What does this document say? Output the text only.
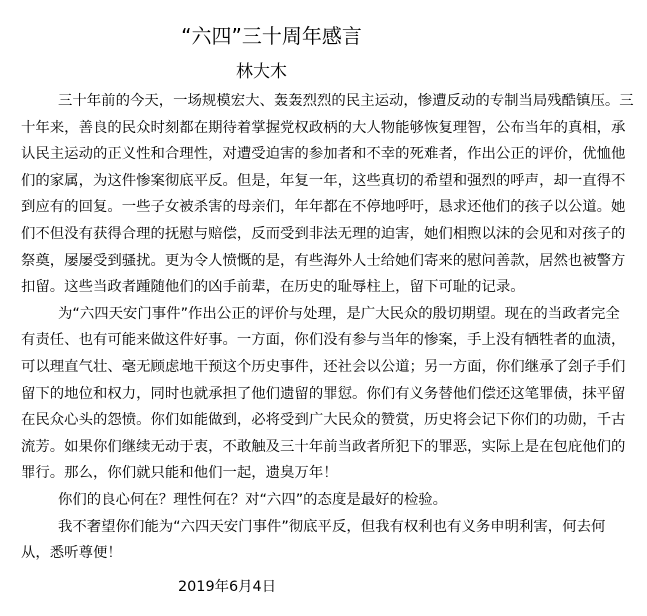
“六四”三十周年感言
林大木
三十年前的今天，一场规模宏大、轰轰烈烈的民主运动，惨遭反动的专制当局残酷镇压。三
十年来，善良的民众时刻都在期待着掌握党权政柄的大人物能够恢复理智，公布当年的真相，承
认民主运动的正义性和合理性，对遭受迫害的参加者和不幸的死难者，作出公正的评价，优恤他
们的家属，为这件惨案彻底平反。但是，年复一年，这些真切的希望和强烈的呼声，却一直得不
到应有的回复。一些子女被杀害的母亲们，年年都在不停地呼吁，恳求还他们的孩子以公道。她
们不但没有获得合理的抚慰与赔偿，反而受到非法无理的迫害，她们相煦以沫的会见和对孩子的
祭奠，屡屡受到骚扰。更为令人愤慨的是，有些海外人士给她们寄来的慰问善款，居然也被警方
扣留。这些当政者踵随他们的凶手前辈，在历史的耻辱柱上，留下可耻的记录。
为“六四天安门事件”作出公正的评价与处理，是广大民众的殷切期望。现在的当政者完全
有责任、也有可能来做这件好事。一方面，你们没有参与当年的惨案，手上没有牺牲者的血渍，
可以理直气壮、毫无顾虑地干预这个历史事件，还社会以公道；另一方面，你们继承了刽子手们
留下的地位和权力，同时也就承担了他们遗留的罪愆。你们有义务替他们偿还这笔罪债，抹平留
在民众心头的怨愤。你们如能做到，必将受到广大民众的赞赏，历史将会记下你们的功勋，千古
流芳。如果你们继续无动于衷，不敢触及三十年前当政者所犯下的罪恶，实际上是在包庇他们的
罪行。那么，你们就只能和他们一起，遗臭万年！
你们的良心何在？理性何在？对“六四”的态度是最好的检验。
我不奢望你们能为“六四天安门事件”彻底平反，但我有权利也有义务申明利害，何去何
从，悉听尊便！
2019年6月4日
